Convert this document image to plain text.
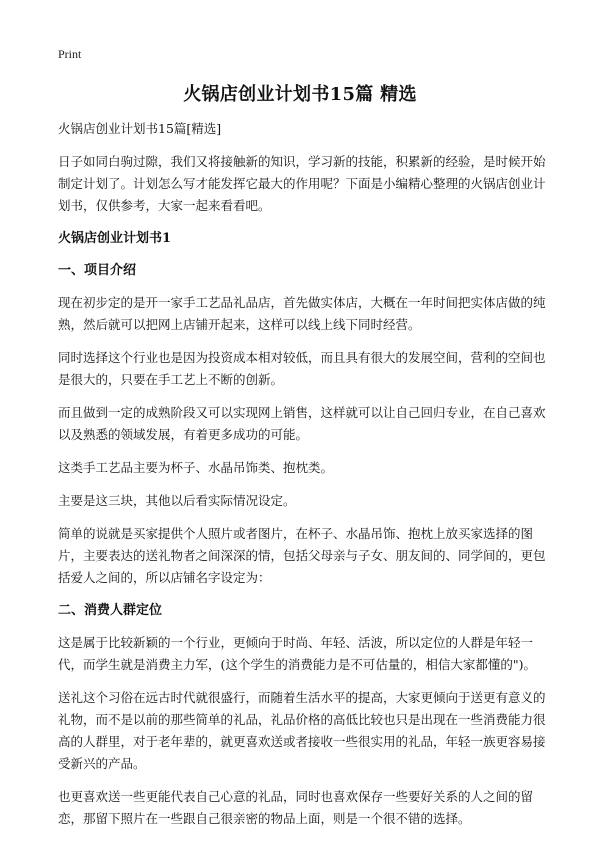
Print
火锅店创业计划书15篇 精选
火锅店创业计划书15篇[精选]

日子如同白驹过隙，我们又将接触新的知识，学习新的技能，积累新的经验，是时候开始制定计划了。计划怎么写才能发挥它最大的作用呢？下面是小编精心整理的火锅店创业计划书，仅供参考，大家一起来看看吧。

火锅店创业计划书1
一、项目介绍

现在初步定的是开一家手工艺品礼品店，首先做实体店，大概在一年时间把实体店做的纯熟，然后就可以把网上店铺开起来，这样可以线上线下同时经营。

同时选择这个行业也是因为投资成本相对较低，而且具有很大的发展空间，营利的空间也是很大的，只要在手工艺上不断的创新。

而且做到一定的成熟阶段又可以实现网上销售，这样就可以让自己回归专业，在自己喜欢以及熟悉的领域发展，有着更多成功的可能。

这类手工艺品主要为杯子、水晶吊饰类、抱枕类。

主要是这三块，其他以后看实际情况设定。

简单的说就是买家提供个人照片或者图片，在杯子、水晶吊饰、抱枕上放买家选择的图片，主要表达的送礼物者之间深深的情，包括父母亲与子女、朋友间的、同学间的，更包括爱人之间的，所以店铺名字设定为：

二、消费人群定位

这是属于比较新颖的一个行业，更倾向于时尚、年轻、活波，所以定位的人群是年轻一代，而学生就是消费主力军，(这个学生的消费能力是不可估量的，相信大家都懂的")。

送礼这个习俗在远古时代就很盛行，而随着生活水平的提高，大家更倾向于送更有意义的礼物，而不是以前的那些简单的礼品，礼品价格的高低比较也只是出现在一些消费能力很高的人群里，对于老年辈的，就更喜欢送或者接收一些很实用的礼品，年轻一族更容易接受新兴的产品。

也更喜欢送一些更能代表自己心意的礼品，同时也喜欢保存一些要好关系的人之间的留恋，那留下照片在一些跟自己很亲密的物品上面，则是一个很不错的选择。
